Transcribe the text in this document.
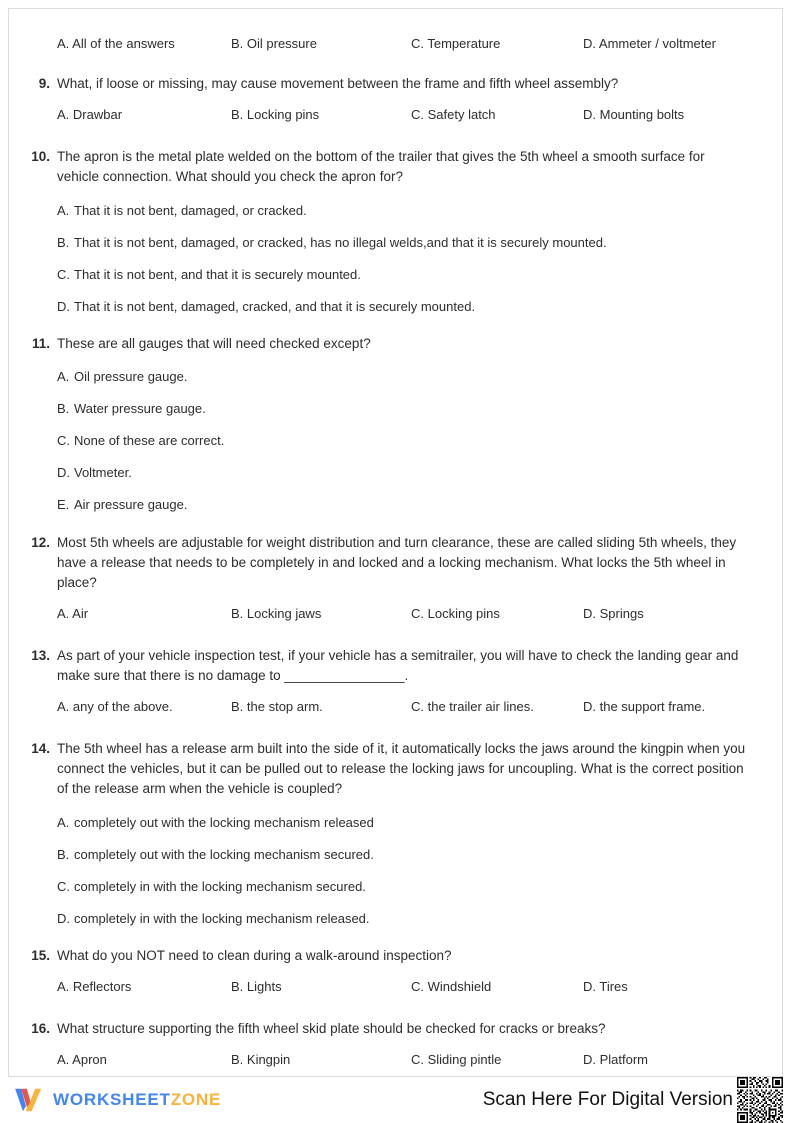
A. All of the answers	B. Oil pressure	C. Temperature	D. Ammeter / voltmeter
9. What, if loose or missing, may cause movement between the frame and fifth wheel assembly?

A. Drawbar	B. Locking pins	C. Safety latch	D. Mounting bolts
10. The apron is the metal plate welded on the bottom of the trailer that gives the 5th wheel a smooth surface for vehicle connection. What should you check the apron for?

A. That it is not bent, damaged, or cracked.
B. That it is not bent, damaged, or cracked, has no illegal welds,and that it is securely mounted.
C. That it is not bent, and that it is securely mounted.
D. That it is not bent, damaged, cracked, and that it is securely mounted.
11. These are all gauges that will need checked except?

A. Oil pressure gauge.
B. Water pressure gauge.
C. None of these are correct.
D. Voltmeter.
E. Air pressure gauge.
12. Most 5th wheels are adjustable for weight distribution and turn clearance, these are called sliding 5th wheels, they have a release that needs to be completely in and locked and a locking mechanism. What locks the 5th wheel in place?

A. Air	B. Locking jaws	C. Locking pins	D. Springs
13. As part of your vehicle inspection test, if your vehicle has a semitrailer, you will have to check the landing gear and make sure that there is no damage to ________________.

A. any of the above.	B. the stop arm.	C. the trailer air lines.	D. the support frame.
14. The 5th wheel has a release arm built into the side of it, it automatically locks the jaws around the kingpin when you connect the vehicles, but it can be pulled out to release the locking jaws for uncoupling. What is the correct position of the release arm when the vehicle is coupled?

A. completely out with the locking mechanism released
B. completely out with the locking mechanism secured.
C. completely in with the locking mechanism secured.
D. completely in with the locking mechanism released.
15. What do you NOT need to clean during a walk-around inspection?

A. Reflectors	B. Lights	C. Windshield	D. Tires
16. What structure supporting the fifth wheel skid plate should be checked for cracks or breaks?

A. Apron	B. Kingpin	C. Sliding pintle	D. Platform
WORKSHEETZONE	Scan Here For Digital Version
